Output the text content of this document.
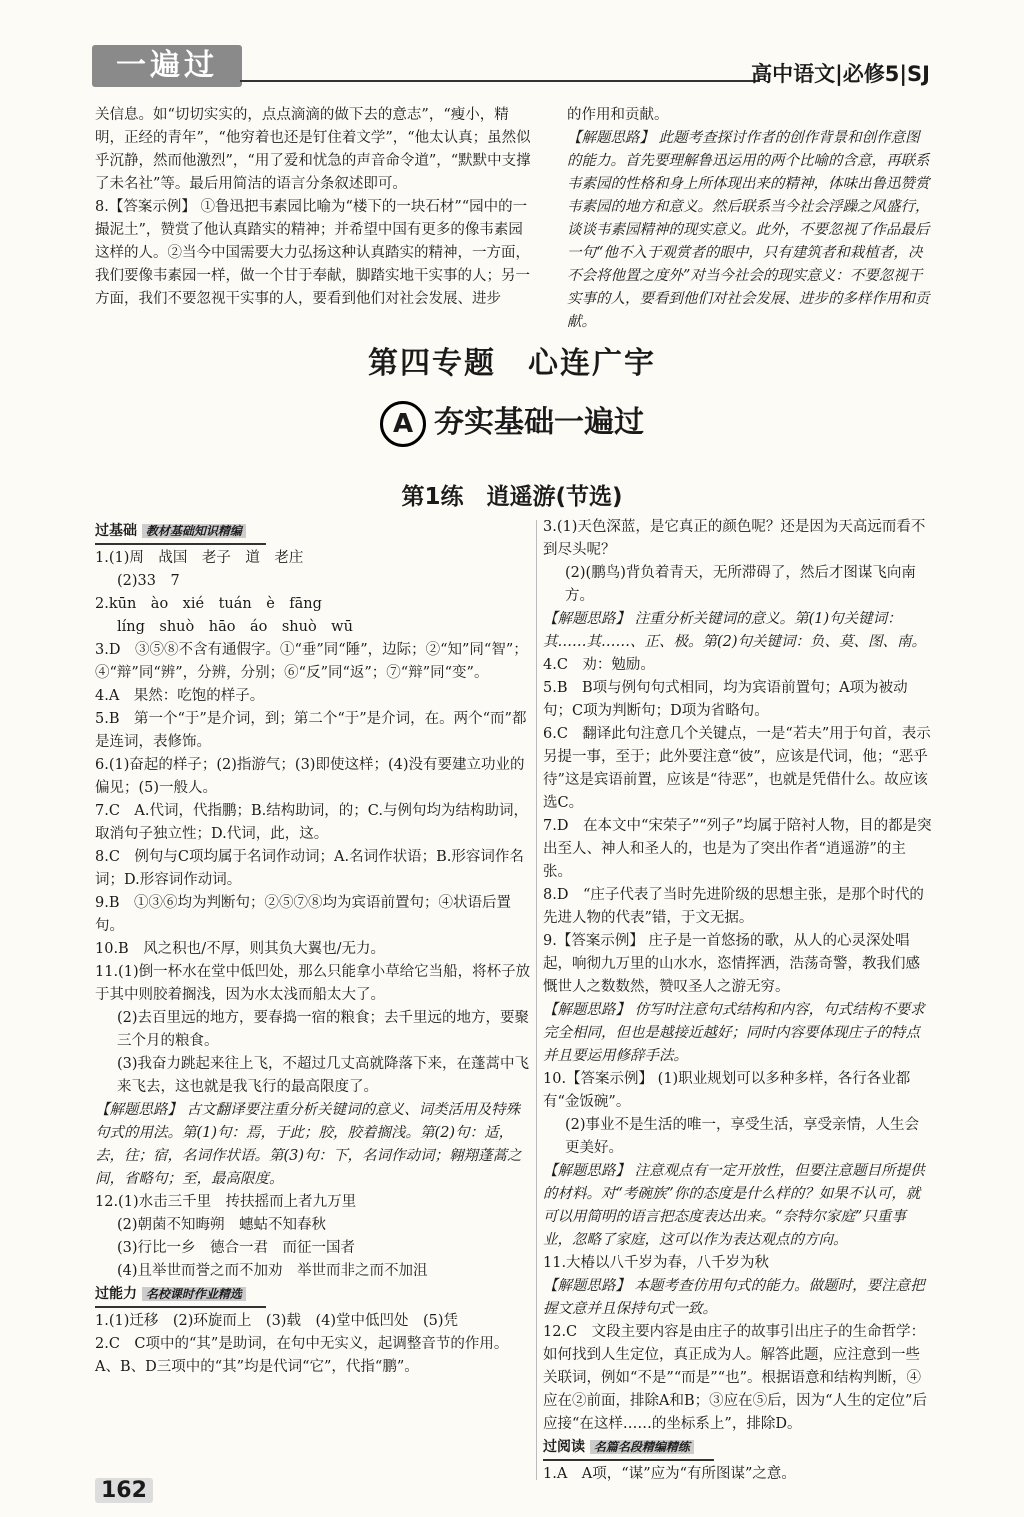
一遍过	高中语文|必修5|SJ

关信息。如“切切实实的，点点滴滴的做下去的意志”，“瘦小，精明，正经的青年”，“他穷着也还是钉住着文学”，“他太认真；虽然似乎沉静，然而他激烈”，“用了爱和忧急的声音命令道”，“默默中支撑了未名社”等。最后用简洁的语言分条叙述即可。

8.【答案示例】 ①鲁迅把韦素园比喻为“楼下的一块石材”“园中的一撮泥土”，赞赏了他认真踏实的精神；并希望中国有更多的像韦素园这样的人。②当今中国需要大力弘扬这种认真踏实的精神，一方面，我们要像韦素园一样，做一个甘于奉献，脚踏实地干实事的人；另一方面，我们不要忽视干实事的人，要看到他们对社会发展、进步

的作用和贡献。

【解题思路】 此题考查探讨作者的创作背景和创作意图的能力。首先要理解鲁迅运用的两个比喻的含意，再联系韦素园的性格和身上所体现出来的精神，体味出鲁迅赞赏韦素园的地方和意义。然后联系当今社会浮躁之风盛行，谈谈韦素园精神的现实意义。此外，不要忽视了作品最后一句“他不入于观赏者的眼中，只有建筑者和栽植者，决不会将他置之度外”对当今社会的现实意义：不要忽视干实事的人，要看到他们对社会发展、进步的多样作用和贡献。

第四专题　心连广宇
A 夯实基础一遍过
第1练　逍遥游(节选)
过基础 教材基础知识精编

1.(1)周　战国　老子　道　老庄

(2)33　7

2.kūn　ào　xié　tuán　è　fāng

líng　shuò　hāo　áo　shuò　wū

3.D　③⑤⑧不含有通假字。①“垂”同“陲”，边际；②“知”同“智”；④“辩”同“辨”，分辨，分别；⑥“反”同“返”；⑦“辩”同“变”。

4.A　果然：吃饱的样子。

5.B　第一个“于”是介词，到；第二个“于”是介词，在。两个“而”都是连词，表修饰。

6.(1)奋起的样子；(2)指游气；(3)即使这样；(4)没有要建立功业的偏见；(5)一般人。

7.C　A.代词，代指鹏；B.结构助词，的；C.与例句均为结构助词，取消句子独立性；D.代词，此，这。

8.C　例句与C项均属于名词作动词；A.名词作状语；B.形容词作名词；D.形容词作动词。

9.B　①③⑥均为判断句；②⑤⑦⑧均为宾语前置句；④状语后置句。

10.B　风之积也/不厚，则其负大翼也/无力。

11.(1)倒一杯水在堂中低凹处，那么只能拿小草给它当船，将杯子放于其中则胶着搁浅，因为水太浅而船太大了。

(2)去百里远的地方，要春捣一宿的粮食；去千里远的地方，要聚三个月的粮食。

(3)我奋力跳起来往上飞，不超过几丈高就降落下来，在蓬蒿中飞来飞去，这也就是我飞行的最高限度了。

【解题思路】 古文翻译要注重分析关键词的意义、词类活用及特殊句式的用法。第(1)句：焉，于此；胶，胶着搁浅。第(2)句：适，去，往；宿，名词作状语。第(3)句：下，名词作动词；翱翔蓬蒿之间，省略句；至，最高限度。

12.(1)水击三千里　抟扶摇而上者九万里

(2)朝菌不知晦朔　蟪蛄不知春秋

(3)行比一乡　德合一君　而征一国者

(4)且举世而誉之而不加劝　举世而非之而不加沮

过能力 名校课时作业精选

1.(1)迁移　(2)环旋而上　(3)载　(4)堂中低凹处　(5)凭

2.C　C项中的“其”是助词，在句中无实义，起调整音节的作用。A、B、D三项中的“其”均是代词“它”，代指“鹏”。

3.(1)天色深蓝，是它真正的颜色呢？还是因为天高远而看不到尽头呢？

(2)(鹏鸟)背负着青天，无所滞碍了，然后才图谋飞向南方。

【解题思路】 注重分析关键词的意义。第(1)句关键词：其……其……、正、极。第(2)句关键词：负、莫、图、南。

4.C　劝：勉励。

5.B　B项与例句句式相同，均为宾语前置句；A项为被动句；C项为判断句；D项为省略句。

6.C　翻译此句注意几个关键点，一是“若夫”用于句首，表示另提一事，至于；此外要注意“彼”，应该是代词，他；“恶乎待”这是宾语前置，应该是“待恶”，也就是凭借什么。故应该选C。

7.D　在本文中“宋荣子”“列子”均属于陪衬人物，目的都是突出至人、神人和圣人的，也是为了突出作者“逍遥游”的主张。

8.D　“庄子代表了当时先进阶级的思想主张，是那个时代的先进人物的代表”错，于文无据。

9.【答案示例】 庄子是一首悠扬的歌，从人的心灵深处唱起，响彻九万里的山水水，恣情挥洒，浩荡奇警，教我们感慨世人之数数然，赞叹圣人之游无穷。

【解题思路】 仿写时注意句式结构和内容，句式结构不要求完全相同，但也是越接近越好；同时内容要体现庄子的特点并且要运用修辞手法。

10.【答案示例】 (1)职业规划可以多种多样，各行各业都有“金饭碗”。

(2)事业不是生活的唯一，享受生活，享受亲情，人生会更美好。

【解题思路】 注意观点有一定开放性，但要注意题目所提供的材料。对“考碗族”你的态度是什么样的？如果不认可，就可以用简明的语言把态度表达出来。“奈特尔家庭”只重事业，忽略了家庭，这可以作为表达观点的方向。

11.大椿以八千岁为春，八千岁为秋

【解题思路】 本题考查仿用句式的能力。做题时，要注意把握文意并且保持句式一致。

12.C　文段主要内容是由庄子的故事引出庄子的生命哲学：如何找到人生定位，真正成为人。解答此题，应注意到一些关联词，例如“不是”“而是”“也”。根据语意和结构判断，④应在②前面，排除A和B；③应在⑤后，因为“人生的定位”后应接“在这样……的坐标系上”，排除D。

过阅读 名篇名段精编精练

1.A　A项，“谋”应为“有所图谋”之意。

162
